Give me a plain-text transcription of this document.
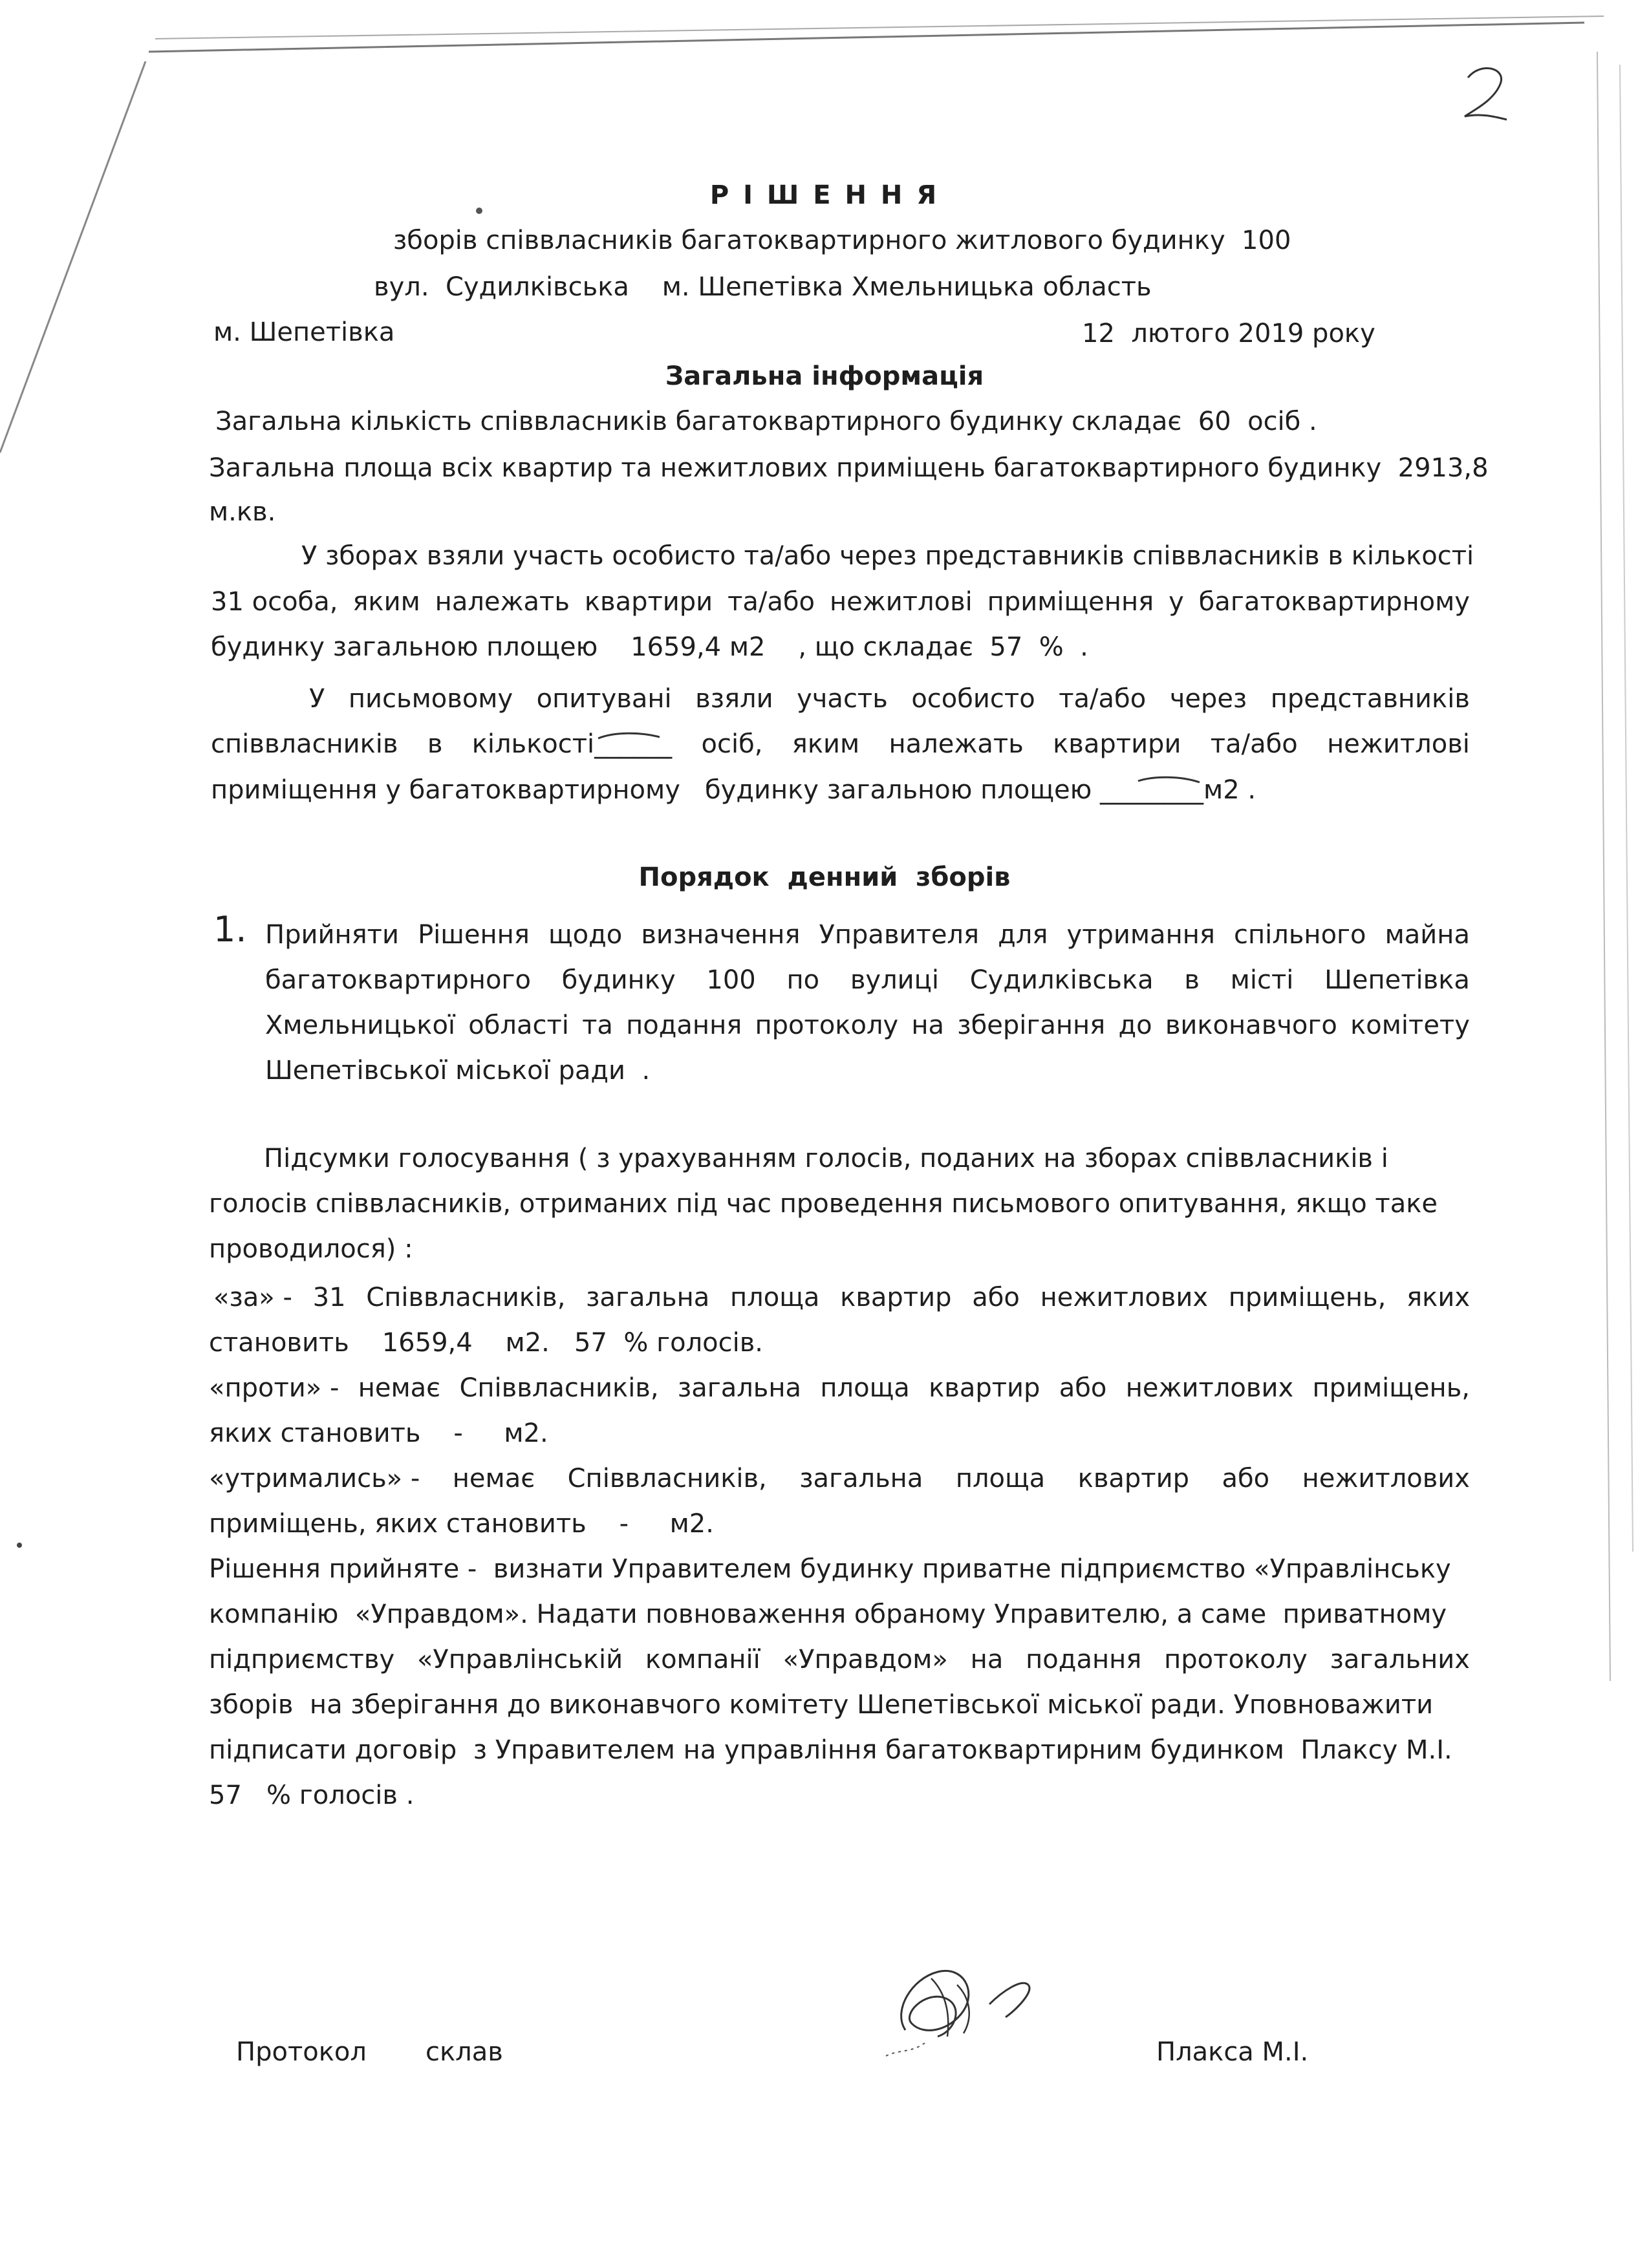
Р І Ш Е Н Н Я
зборів співвласників багатоквартирного житлового будинку  100
вул.  Судилківська    м. Шепетівка Хмельницька область
м. Шепетівка	12  лютого 2019 року
Загальна інформація
Загальна кількість співвласників багатоквартирного будинку складає  60  осіб .
Загальна площа всіх квартир та нежитлових приміщень багатоквартирного будинку  2913,8
м.кв.
У зборах взяли участь особисто та/або через представників співвласників в кількості
31 особа, яким належать квартири та/або нежитлові приміщення у багатоквартирному
будинку загальною площею    1659,4 м2    , що складає  57  %  .
У письмовому опитувані взяли участь особисто та/або через представників
співвласників в кількості______ осіб, яким належать квартири та/або нежитлові
приміщення у багатоквартирному   будинку загальною площею ________м2 .
Порядок  денний  зборів
1. Прийняти Рішення щодо визначення Управителя для утримання спільного майна
багатоквартирного будинку 100 по вулиці Судилківська в місті Шепетівка
Хмельницької області та подання протоколу на зберігання до виконавчого комітету
Шепетівської міської ради  .
Підсумки голосування ( з урахуванням голосів, поданих на зборах співвласників і
голосів співвласників, отриманих під час проведення письмового опитування, якщо таке
проводилося) :
«за» - 31 Співвласників, загальна площа квартир або нежитлових приміщень, яких
становить    1659,4    м2.   57  % голосів.
«проти» - немає Співвласників, загальна площа квартир або нежитлових приміщень,
яких становить    -     м2.
«утримались» - немає Співвласників, загальна площа квартир або нежитлових
приміщень, яких становить    -     м2.
Рішення прийняте -  визнати Управителем будинку приватне підприємство «Управлінську
компанію  «Управдом». Надати повноваження обраному Управителю, а саме  приватному
підприємству «Управлінській компанії «Управдом» на подання протоколу загальних
зборів  на зберігання до виконавчого комітету Шепетівської міської ради. Уповноважити
підписати договір  з Управителем на управління багатоквартирним будинком  Плаксу М.І.
57   % голосів .
Протокол склав	Плакса М.І.
